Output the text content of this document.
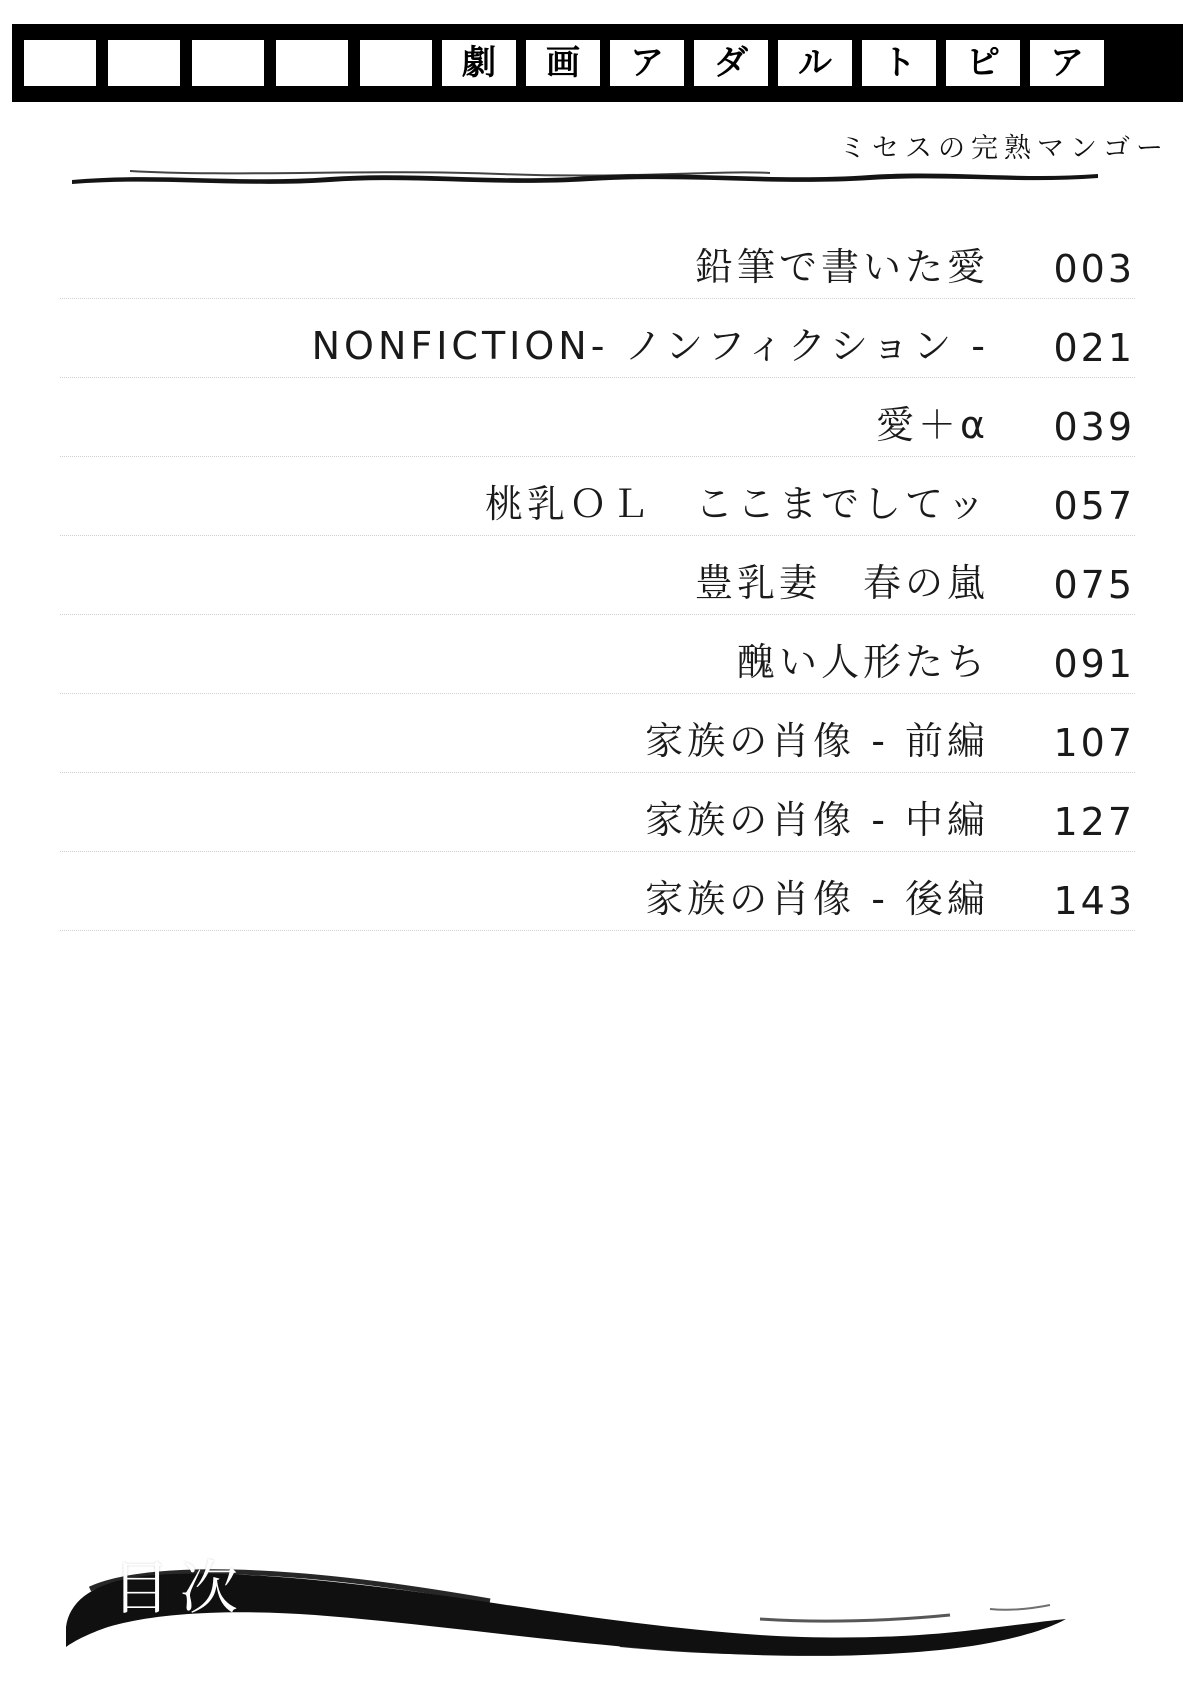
劇	画	ア	ダ	ル	ト	ピ	ア
ミセスの完熟マンゴー
鉛筆で書いた愛	003
NONFICTION- ノンフィクション -	021
愛＋α	039
桃乳ＯＬ　ここまでしてッ	057
豊乳妻　春の嵐	075
醜い人形たち	091
家族の肖像 - 前編	107
家族の肖像 - 中編	127
家族の肖像 - 後編	143
目次
contents
